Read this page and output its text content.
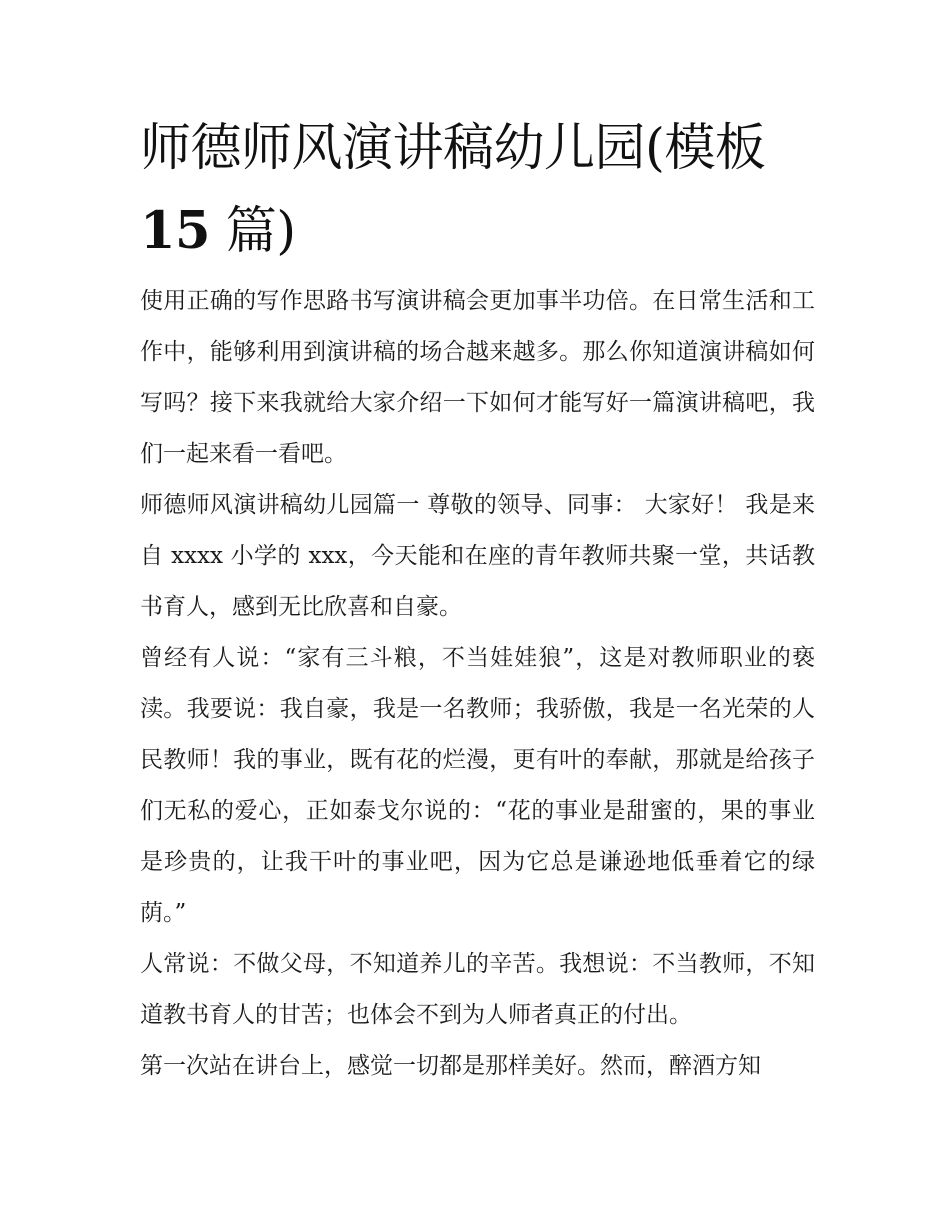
师德师风演讲稿幼儿园(模板
15 篇)

使用正确的写作思路书写演讲稿会更加事半功倍。在日常生活和工作中，能够利用到演讲稿的场合越来越多。那么你知道演讲稿如何写吗？接下来我就给大家介绍一下如何才能写好一篇演讲稿吧，我们一起来看一看吧。

师德师风演讲稿幼儿园篇一 尊敬的领导、同事： 大家好！ 我是来自 xxxx 小学的 xxx，今天能和在座的青年教师共聚一堂，共话教书育人，感到无比欣喜和自豪。

曾经有人说：“家有三斗粮，不当娃娃狼”，这是对教师职业的亵渎。我要说：我自豪，我是一名教师；我骄傲，我是一名光荣的人民教师！我的事业，既有花的烂漫，更有叶的奉献，那就是给孩子们无私的爱心，正如泰戈尔说的：“花的事业是甜蜜的，果的事业是珍贵的，让我干叶的事业吧，因为它总是谦逊地低垂着它的绿荫。”

人常说：不做父母，不知道养儿的辛苦。我想说：不当教师，不知道教书育人的甘苦；也体会不到为人师者真正的付出。

第一次站在讲台上，感觉一切都是那样美好。然而，醉酒方知
